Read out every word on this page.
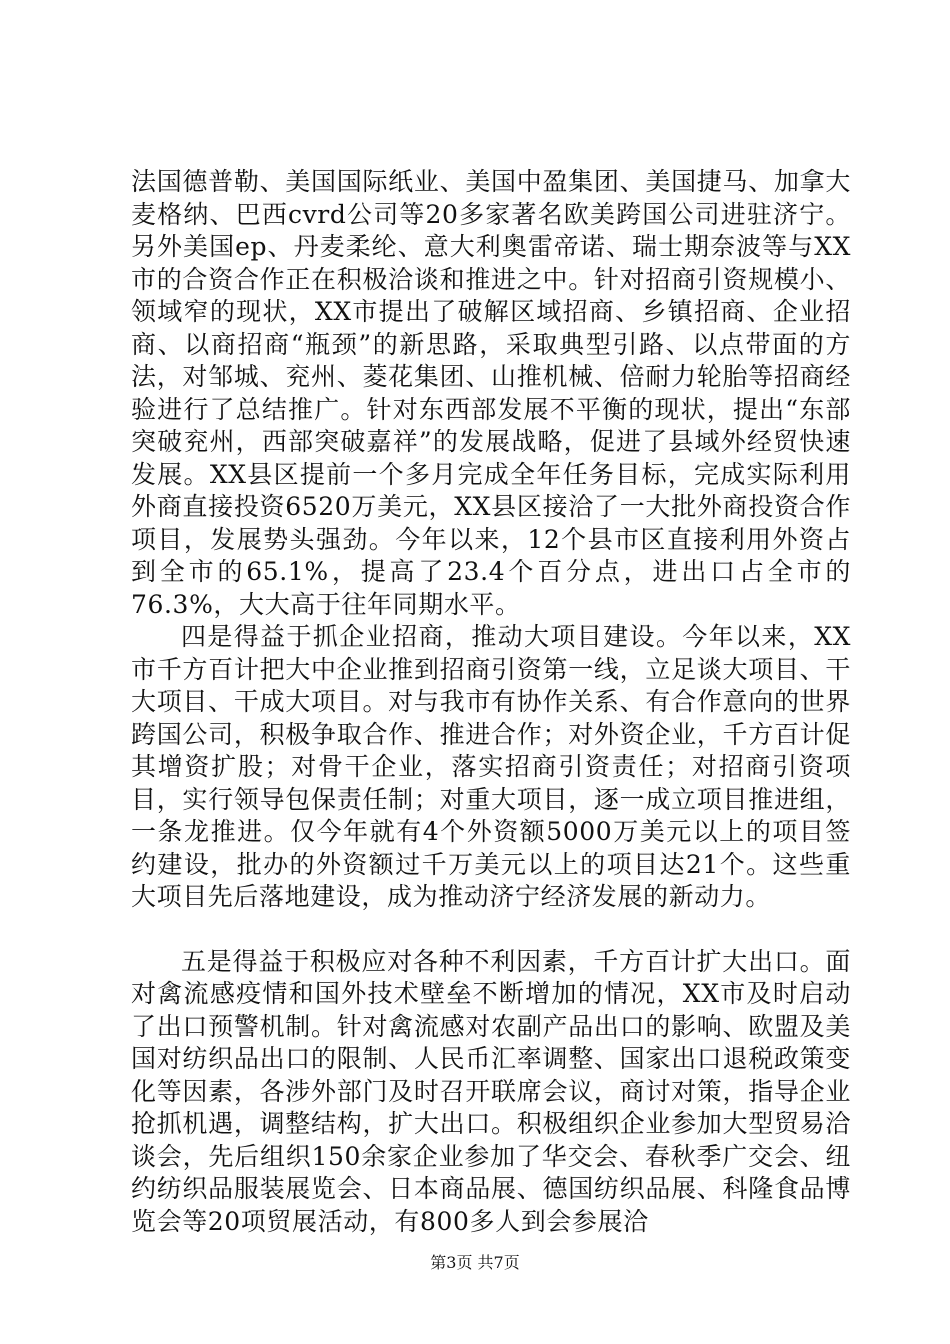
法国德普勒、美国国际纸业、美国中盈集团、美国捷马、加拿大麦格纳、巴西cvrd公司等20多家著名欧美跨国公司进驻济宁。另外美国ep、丹麦柔纶、意大利奥雷帝诺、瑞士期奈波等与XX市的合资合作正在积极洽谈和推进之中。针对招商引资规模小、领域窄的现状，XX市提出了破解区域招商、乡镇招商、企业招商、以商招商“瓶颈”的新思路，采取典型引路、以点带面的方法，对邹城、兖州、菱花集团、山推机械、倍耐力轮胎等招商经验进行了总结推广。针对东西部发展不平衡的现状，提出“东部突破兖州，西部突破嘉祥”的发展战略，促进了县域外经贸快速发展。XX县区提前一个多月完成全年任务目标，完成实际利用外商直接投资6520万美元，XX县区接洽了一大批外商投资合作项目，发展势头强劲。今年以来，12个县市区直接利用外资占到全市的65.1%，提高了23.4个百分点，进出口占全市的76.3%，大大高于往年同期水平。

四是得益于抓企业招商，推动大项目建设。今年以来，XX市千方百计把大中企业推到招商引资第一线，立足谈大项目、干大项目、干成大项目。对与我市有协作关系、有合作意向的世界跨国公司，积极争取合作、推进合作；对外资企业，千方百计促其增资扩股；对骨干企业，落实招商引资责任；对招商引资项目，实行领导包保责任制；对重大项目，逐一成立项目推进组，一条龙推进。仅今年就有4个外资额5000万美元以上的项目签约建设，批办的外资额过千万美元以上的项目达21个。这些重大项目先后落地建设，成为推动济宁经济发展的新动力。

五是得益于积极应对各种不利因素，千方百计扩大出口。面对禽流感疫情和国外技术壁垒不断增加的情况，XX市及时启动了出口预警机制。针对禽流感对农副产品出口的影响、欧盟及美国对纺织品出口的限制、人民币汇率调整、国家出口退税政策变化等因素，各涉外部门及时召开联席会议，商讨对策，指导企业抢抓机遇，调整结构，扩大出口。积极组织企业参加大型贸易洽谈会，先后组织150余家企业参加了华交会、春秋季广交会、纽约纺织品服装展览会、日本商品展、德国纺织品展、科隆食品博览会等20项贸展活动，有800多人到会参展洽

第3页 共7页
